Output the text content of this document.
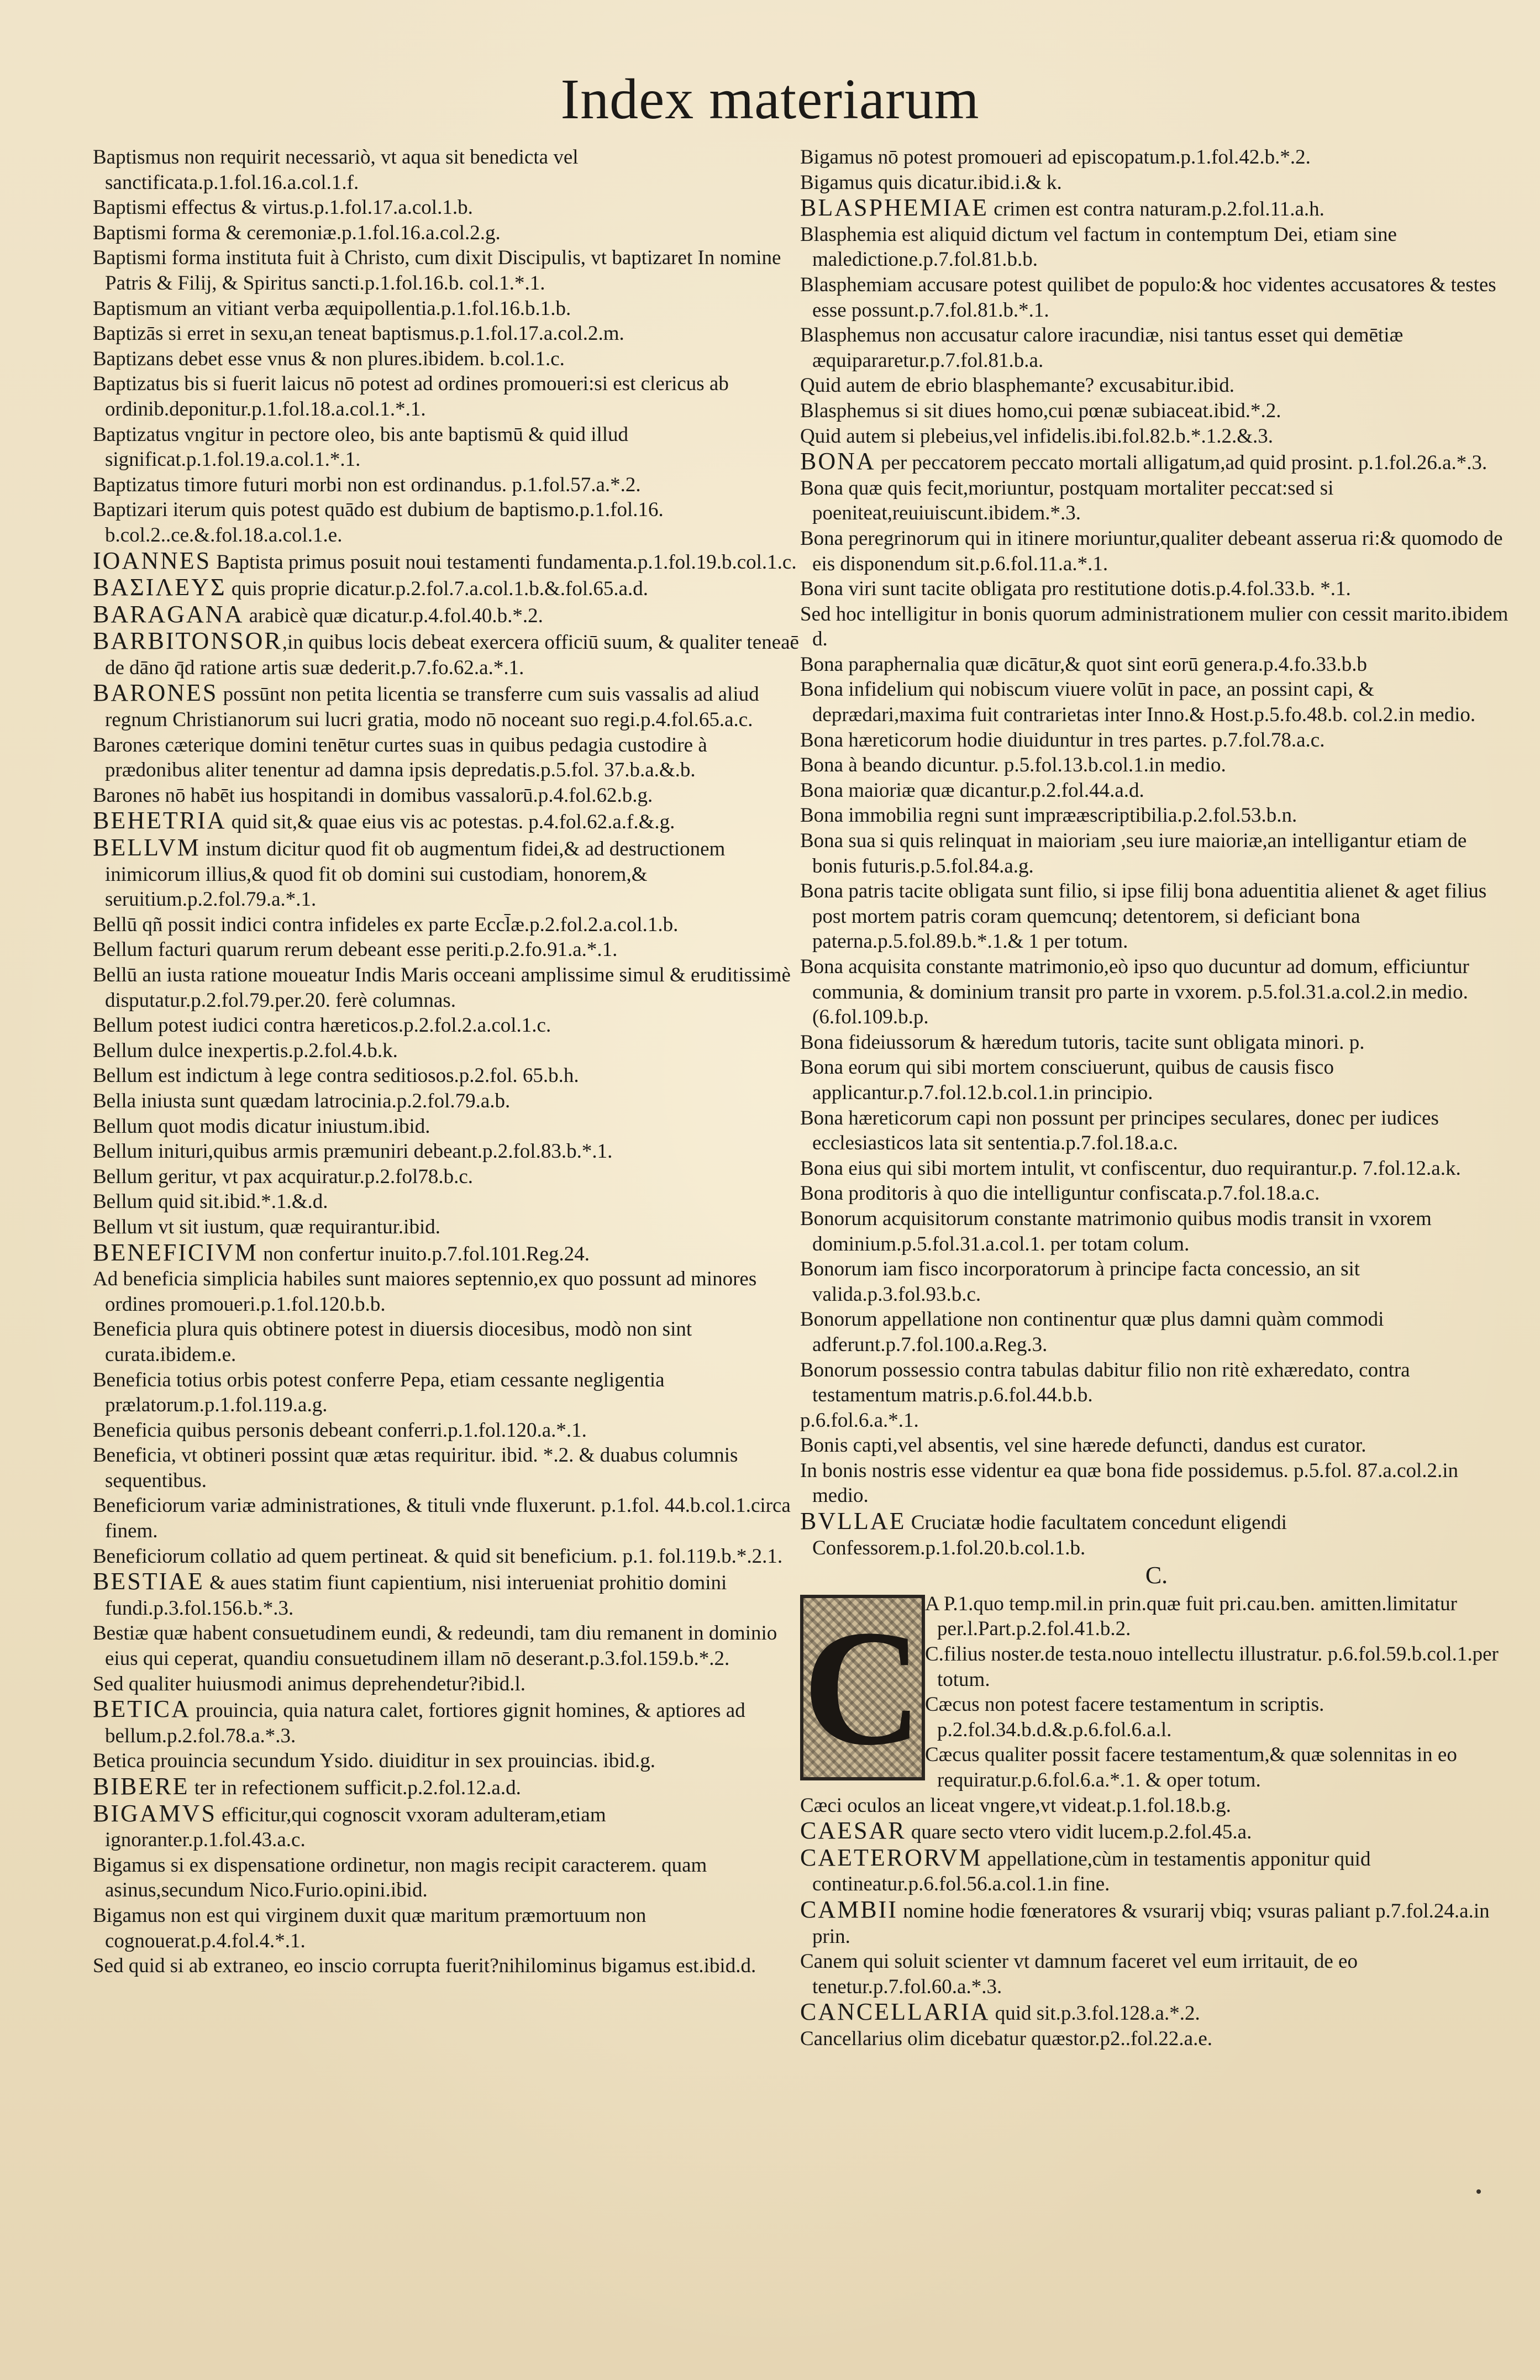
Index materiarum

Baptismus non requirit necessariò, vt aqua sit benedicta vel sanctificata.p.1.fol.16.a.col.1.f.

Baptismi effectus & virtus.p.1.fol.17.a.col.1.b.

Baptismi forma & ceremoniæ.p.1.fol.16.a.col.2.g.

Baptismi forma instituta fuit à Christo, cum dixit Discipulis, vt baptizaret In nomine Patris & Filij, & Spiritus sancti.p.1.fol.16.b. col.1.*.1.

Baptismum an vitiant verba æquipollentia.p.1.fol.16.b.1.b.

Baptizās si erret in sexu,an teneat baptismus.p.1.fol.17.a.col.2.m.

Baptizans debet esse vnus & non plures.ibidem. b.col.1.c.

Baptizatus bis si fuerit laicus nō potest ad ordines promoueri:si est clericus ab ordinib.deponitur.p.1.fol.18.a.col.1.*.1.

Baptizatus vngitur in pectore oleo, bis ante baptismū & quid illud significat.p.1.fol.19.a.col.1.*.1.

Baptizatus timore futuri morbi non est ordinandus. p.1.fol.57.a.*.2.

Baptizari iterum quis potest quādo est dubium de baptismo.p.1.fol.16. b.col.2..ce.&.fol.18.a.col.1.e.

IOANNES Baptista primus posuit noui testamenti fundamenta.p.1.fol.19.b.col.1.c.

ΒΑΣΙΛΕΥΣ quis proprie dicatur.p.2.fol.7.a.col.1.b.&.fol.65.a.d.

BARAGANA arabicè quæ dicatur.p.4.fol.40.b.*.2.

BARBITONSOR,in quibus locis debeat exercera officiū suum, & qualiter teneaē de dāno q̄d ratione artis suæ dederit.p.7.fo.62.a.*.1.

BARONES possūnt non petita licentia se transferre cum suis vassalis ad aliud regnum Christianorum sui lucri gratia, modo nō noceant suo regi.p.4.fol.65.a.c.

Barones cæterique domini tenētur curtes suas in quibus pedagia custodire à prædonibus aliter tenentur ad damna ipsis depredatis.p.5.fol. 37.b.a.&.b.

Barones nō habēt ius hospitandi in domibus vassalorū.p.4.fol.62.b.g.

BEHETRIA quid sit,& quae eius vis ac potestas. p.4.fol.62.a.f.&.g.

BELLVM instum dicitur quod fit ob augmentum fidei,& ad destructionem inimicorum illius,& quod fit ob domini sui custodiam, honorem,& seruitium.p.2.fol.79.a.*.1.

Bellū qñ possit indici contra infideles ex parte Eccl̄æ.p.2.fol.2.a.col.1.b.

Bellum facturi quarum rerum debeant esse periti.p.2.fo.91.a.*.1.

Bellū an iusta ratione moueatur Indis Maris occeani amplissime simul & eruditissimè disputatur.p.2.fol.79.per.20. ferè columnas.

Bellum potest iudici contra hæreticos.p.2.fol.2.a.col.1.c.

Bellum dulce inexpertis.p.2.fol.4.b.k.

Bellum est indictum à lege contra seditiosos.p.2.fol. 65.b.h.

Bella iniusta sunt quædam latrocinia.p.2.fol.79.a.b.

Bellum quot modis dicatur iniustum.ibid.

Bellum inituri,quibus armis præmuniri debeant.p.2.fol.83.b.*.1.

Bellum geritur, vt pax acquiratur.p.2.fol78.b.c.

Bellum quid sit.ibid.*.1.&.d.

Bellum vt sit iustum, quæ requirantur.ibid.

BENEFICIVM non confertur inuito.p.7.fol.101.Reg.24.

Ad beneficia simplicia habiles sunt maiores septennio,ex quo possunt ad minores ordines promoueri.p.1.fol.120.b.b.

Beneficia plura quis obtinere potest in diuersis diocesibus, modò non sint curata.ibidem.e.

Beneficia totius orbis potest conferre Pepa, etiam cessante negligentia prælatorum.p.1.fol.119.a.g.

Beneficia quibus personis debeant conferri.p.1.fol.120.a.*.1.

Beneficia, vt obtineri possint quæ ætas requiritur. ibid. *.2. & duabus columnis sequentibus.

Beneficiorum variæ administrationes, & tituli vnde fluxerunt. p.1.fol. 44.b.col.1.circa finem.

Beneficiorum collatio ad quem pertineat. & quid sit beneficium. p.1. fol.119.b.*.2.1.

BESTIAE & aues statim fiunt capientium, nisi interueniat prohitio domini fundi.p.3.fol.156.b.*.3.

Bestiæ quæ habent consuetudinem eundi, & redeundi, tam diu remanent in dominio eius qui ceperat, quandiu consuetudinem illam nō deserant.p.3.fol.159.b.*.2.

Sed qualiter huiusmodi animus deprehendetur?ibid.l.

BETICA prouincia, quia natura calet, fortiores gignit homines, & aptiores ad bellum.p.2.fol.78.a.*.3.

Betica prouincia secundum Ysido. diuiditur in sex prouincias. ibid.g.

BIBERE ter in refectionem sufficit.p.2.fol.12.a.d.

BIGAMVS efficitur,qui cognoscit vxoram adulteram,etiam ignoranter.p.1.fol.43.a.c.

Bigamus si ex dispensatione ordinetur, non magis recipit caracterem. quam asinus,secundum Nico.Furio.opini.ibid.

Bigamus non est qui virginem duxit quæ maritum præmortuum non cognouerat.p.4.fol.4.*.1.

Sed quid si ab extraneo, eo inscio corrupta fuerit?nihilominus bigamus est.ibid.d.

Bigamus nō potest promoueri ad episcopatum.p.1.fol.42.b.*.2.

Bigamus quis dicatur.ibid.i.& k.

BLASPHEMIAE crimen est contra naturam.p.2.fol.11.a.h.

Blasphemia est aliquid dictum vel factum in contemptum Dei, etiam sine maledictione.p.7.fol.81.b.b.

Blasphemiam accusare potest quilibet de populo:& hoc videntes accusatores & testes esse possunt.p.7.fol.81.b.*.1.

Blasphemus non accusatur calore iracundiæ, nisi tantus esset qui demētiæ æquipararetur.p.7.fol.81.b.a.

Quid autem de ebrio blasphemante? excusabitur.ibid.

Blasphemus si sit diues homo,cui pœnæ subiaceat.ibid.*.2.

Quid autem si plebeius,vel infidelis.ibi.fol.82.b.*.1.2.&.3.

BONA per peccatorem peccato mortali alligatum,ad quid prosint. p.1.fol.26.a.*.3.

Bona quæ quis fecit,moriuntur, postquam mortaliter peccat:sed si poeniteat,reuiuiscunt.ibidem.*.3.

Bona peregrinorum qui in itinere moriuntur,qualiter debeant asserua ri:& quomodo de eis disponendum sit.p.6.fol.11.a.*.1.

Bona viri sunt tacite obligata pro restitutione dotis.p.4.fol.33.b. *.1.

Sed hoc intelligitur in bonis quorum administrationem mulier con cessit marito.ibidem d.

Bona paraphernalia quæ dicātur,& quot sint eorū genera.p.4.fo.33.b.b

Bona infidelium qui nobiscum viuere volūt in pace, an possint capi, & deprædari,maxima fuit contrarietas inter Inno.& Host.p.5.fo.48.b. col.2.in medio.

Bona hæreticorum hodie diuiduntur in tres partes. p.7.fol.78.a.c.

Bona à beando dicuntur. p.5.fol.13.b.col.1.in medio.

Bona maioriæ quæ dicantur.p.2.fol.44.a.d.

Bona immobilia regni sunt imprææscriptibilia.p.2.fol.53.b.n.

Bona sua si quis relinquat in maioriam ,seu iure maioriæ,an intelligantur etiam de bonis futuris.p.5.fol.84.a.g.

Bona patris tacite obligata sunt filio, si ipse filij bona aduentitia alienet & aget filius post mortem patris coram quemcunq; detentorem, si deficiant bona paterna.p.5.fol.89.b.*.1.& 1 per totum.

Bona acquisita constante matrimonio,eò ipso quo ducuntur ad domum, efficiuntur communia, & dominium transit pro parte in vxorem. p.5.fol.31.a.col.2.in medio. (6.fol.109.b.p.

Bona fideiussorum & hæredum tutoris, tacite sunt obligata minori. p.

Bona eorum qui sibi mortem consciuerunt, quibus de causis fisco applicantur.p.7.fol.12.b.col.1.in principio.

Bona hæreticorum capi non possunt per principes seculares, donec per iudices ecclesiasticos lata sit sententia.p.7.fol.18.a.c.

Bona eius qui sibi mortem intulit, vt confiscentur, duo requirantur.p. 7.fol.12.a.k.

Bona proditoris à quo die intelliguntur confiscata.p.7.fol.18.a.c.

Bonorum acquisitorum constante matrimonio quibus modis transit in vxorem dominium.p.5.fol.31.a.col.1. per totam colum.

Bonorum iam fisco incorporatorum à principe facta concessio, an sit valida.p.3.fol.93.b.c.

Bonorum appellatione non continentur quæ plus damni quàm commodi adferunt.p.7.fol.100.a.Reg.3.

Bonorum possessio contra tabulas dabitur filio non ritè exhæredato, contra testamentum matris.p.6.fol.44.b.b.

p.6.fol.6.a.*.1.

Bonis capti,vel absentis, vel sine hærede defuncti, dandus est curator.

In bonis nostris esse videntur ea quæ bona fide possidemus. p.5.fol. 87.a.col.2.in medio.

BVLLAE Cruciatæ hodie facultatem concedunt eligendi Confessorem.p.1.fol.20.b.col.1.b.

C.
C A P.1.quo temp.mil.in prin.quæ fuit pri.cau.ben. amitten.limitatur per.l.Part.p.2.fol.41.b.2.

C.filius noster.de testa.nouo intellectu illustratur. p.6.fol.59.b.col.1.per totum.

Cæcus non potest facere testamentum in scriptis. p.2.fol.34.b.d.&.p.6.fol.6.a.l.

Cæcus qualiter possit facere testamentum,& quæ solennitas in eo requiratur.p.6.fol.6.a.*.1. & oper totum.

Cæci oculos an liceat vngere,vt videat.p.1.fol.18.b.g.

CAESAR quare secto vtero vidit lucem.p.2.fol.45.a.

CAETERORVM appellatione,cùm in testamentis apponitur quid contineatur.p.6.fol.56.a.col.1.in fine.

CAMBII nomine hodie fœneratores & vsurarij vbiq; vsuras paliant p.7.fol.24.a.in prin.

Canem qui soluit scienter vt damnum faceret vel eum irritauit, de eo tenetur.p.7.fol.60.a.*.3.

CANCELLARIA quid sit.p.3.fol.128.a.*.2.

Cancellarius olim dicebatur quæstor.p2..fol.22.a.e.
